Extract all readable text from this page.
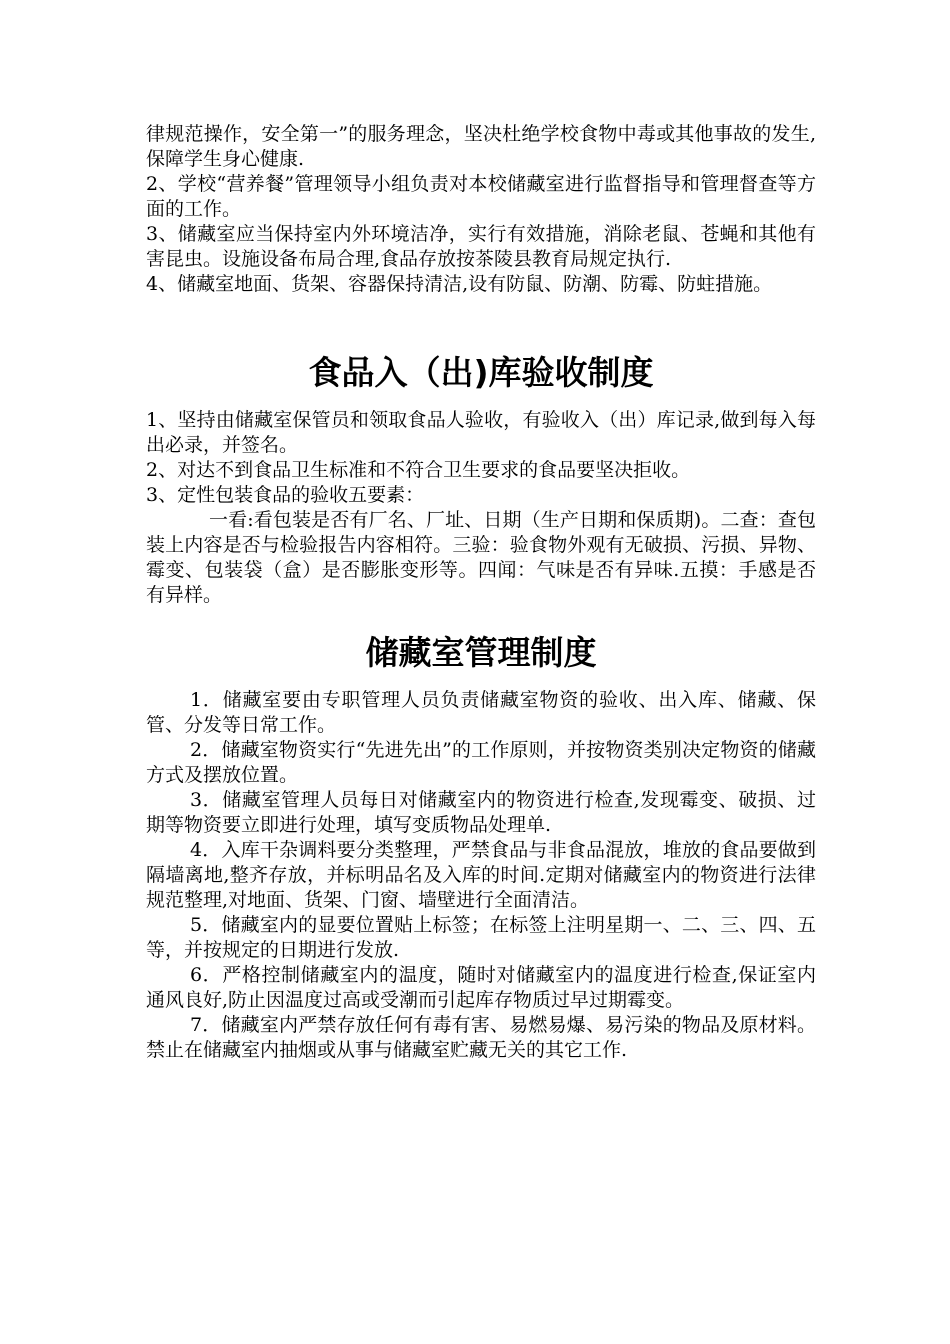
律规范操作，安全第一”的服务理念，坚决杜绝学校食物中毒或其他事故的发生,保障学生身心健康.

2、学校“营养餐”管理领导小组负责对本校储藏室进行监督指导和管理督查等方面的工作。

3、储藏室应当保持室内外环境洁净，实行有效措施，消除老鼠、苍蝇和其他有害昆虫。设施设备布局合理,食品存放按茶陵县教育局规定执行.

4、储藏室地面、货架、容器保持清洁,设有防鼠、防潮、防霉、防蛀措施。

食品入（出)库验收制度

1、坚持由储藏室保管员和领取食品人验收，有验收入（出）库记录,做到每入每出必录，并签名。

2、对达不到食品卫生标准和不符合卫生要求的食品要坚决拒收。

3、定性包装食品的验收五要素：

一看:看包装是否有厂名、厂址、日期（生产日期和保质期)。二查：查包装上内容是否与检验报告内容相符。三验：验食物外观有无破损、污损、异物、霉变、包装袋（盒）是否膨胀变形等。四闻：气味是否有异味.五摸：手感是否有异样。

储藏室管理制度

1．储藏室要由专职管理人员负责储藏室物资的验收、出入库、储藏、保管、分发等日常工作。

2．储藏室物资实行“先进先出”的工作原则，并按物资类别决定物资的储藏方式及摆放位置。

3．储藏室管理人员每日对储藏室内的物资进行检查,发现霉变、破损、过期等物资要立即进行处理，填写变质物品处理单.

4．入库干杂调料要分类整理，严禁食品与非食品混放，堆放的食品要做到隔墙离地,整齐存放，并标明品名及入库的时间.定期对储藏室内的物资进行法律规范整理,对地面、货架、门窗、墙壁进行全面清洁。

5．储藏室内的显要位置贴上标签；在标签上注明星期一、二、三、四、五等，并按规定的日期进行发放.

6．严格控制储藏室内的温度，随时对储藏室内的温度进行检查,保证室内通风良好,防止因温度过高或受潮而引起库存物质过早过期霉变。

7．储藏室内严禁存放任何有毒有害、易燃易爆、易污染的物品及原材料。禁止在储藏室内抽烟或从事与储藏室贮藏无关的其它工作.
